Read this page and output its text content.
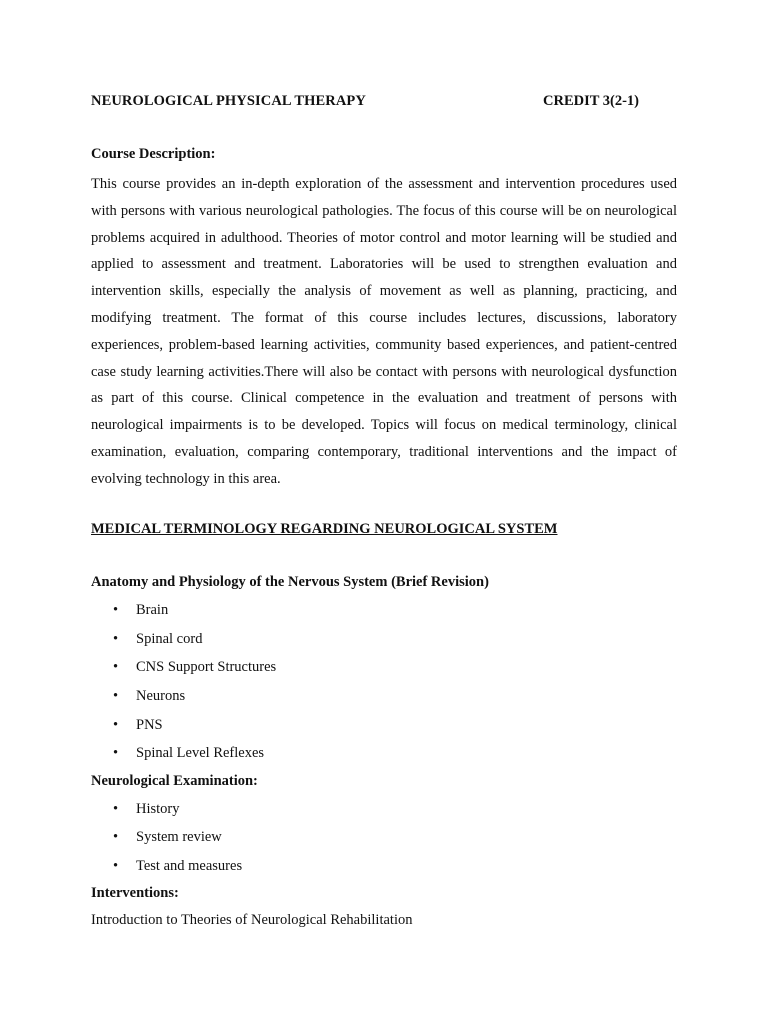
NEUROLOGICAL PHYSICAL THERAPY	CREDIT 3(2-1)
Course Description:

This course provides an in-depth exploration of the assessment and intervention procedures used with persons with various neurological pathologies. The focus of this course will be on neurological problems acquired in adulthood. Theories of motor control and motor learning will be studied and applied to assessment and treatment. Laboratories will be used to strengthen evaluation and intervention skills, especially the analysis of movement as well as planning, practicing, and modifying treatment. The format of this course includes lectures, discussions, laboratory experiences, problem-based learning activities, community based experiences, and patient-centred case study learning activities.There will also be contact with persons with neurological dysfunction as part of this course. Clinical competence in the evaluation and treatment of persons with neurological impairments is to be developed. Topics will focus on medical terminology, clinical examination, evaluation, comparing contemporary, traditional interventions and the impact of evolving technology in this area.

MEDICAL TERMINOLOGY REGARDING NEUROLOGICAL SYSTEM
Anatomy and Physiology of the Nervous System (Brief Revision)
• Brain
• Spinal cord
• CNS Support Structures
• Neurons
• PNS
• Spinal Level Reflexes
Neurological Examination:
• History
• System review
• Test and measures
Interventions:
Introduction to Theories of Neurological Rehabilitation
